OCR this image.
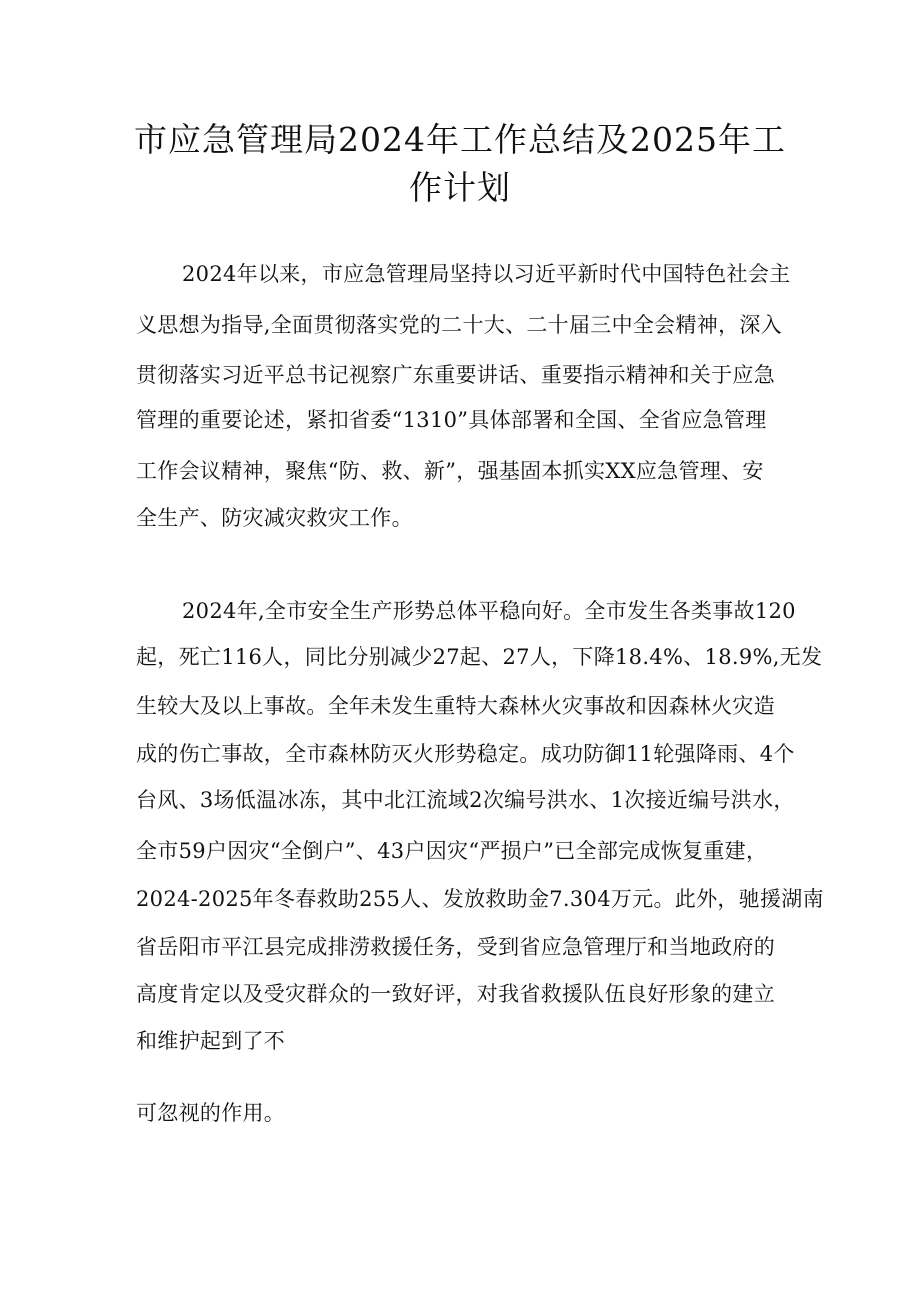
市应急管理局2024年工作总结及2025年工
作计划
2024年以来，市应急管理局坚持以习近平新时代中国特色社会主
义思想为指导,全面贯彻落实党的二十大、二十届三中全会精神，深入
贯彻落实习近平总书记视察广东重要讲话、重要指示精神和关于应急
管理的重要论述，紧扣省委“1310”具体部署和全国、全省应急管理
工作会议精神，聚焦“防、救、新”，强基固本抓实XX应急管理、安
全生产、防灾减灾救灾工作。
2024年,全市安全生产形势总体平稳向好。全市发生各类事故120
起，死亡116人，同比分别减少27起、27人，下降18.4%、18.9%,无发
生较大及以上事故。全年未发生重特大森林火灾事故和因森林火灾造
成的伤亡事故，全市森林防灭火形势稳定。成功防御11轮强降雨、4个
台风、3场低温冰冻，其中北江流域2次编号洪水、1次接近编号洪水，
全市59户因灾“全倒户”、43户因灾“严损户”已全部完成恢复重建，
2024-2025年冬春救助255人、发放救助金7.304万元。此外，驰援湖南
省岳阳市平江县完成排涝救援任务，受到省应急管理厅和当地政府的
高度肯定以及受灾群众的一致好评，对我省救援队伍良好形象的建立
和维护起到了不
可忽视的作用。
